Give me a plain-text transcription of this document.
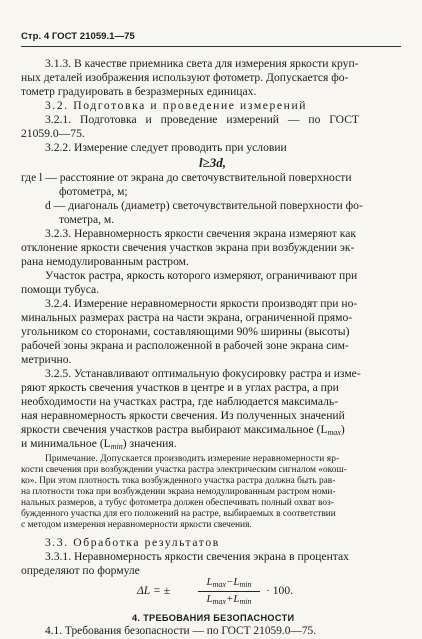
Стр. 4 ГОСТ 21059.1—75
3.1.3. В качестве приемника света для измерения яркости круп-
ных деталей изображения используют фотометр. Допускается фо-
тометр градуировать в безразмерных единицах.
3.2. Подготовка и проведение измерений
3.2.1. Подготовка и проведение измерений — по ГОСТ
21059.0—75.
3.2.2. Измерение следует проводить при условии
l≥3d,
где l — расстояние от экрана до светочувствительной поверхности
фотометра, м;
d — диагональ (диаметр) светочувствительной поверхности фо-
тометра, м.
3.2.3. Неравномерность яркости свечения экрана измеряют как
отклонение яркости свечения участков экрана при возбуждении эк-
рана немодулированным растром.
Участок растра, яркость которого измеряют, ограничивают при
помощи тубуса.
3.2.4. Измерение неравномерности яркости производят при но-
минальных размерах растра на части экрана, ограниченной прямо-
угольником со сторонами, составляющими 90% ширины (высоты)
рабочей зоны экрана и расположенной в рабочей зоне экрана сим-
метрично.
3.2.5. Устанавливают оптимальную фокусировку растра и изме-
ряют яркость свечения участков в центре и в углах растра, а при
необходимости на участках растра, где наблюдается максималь-
ная неравномерность яркости свечения. Из полученных значений
яркости свечения участков растра выбирают максимальное $(L_{max})$
и минимальное $(L_{min})$ значения.
Примечание. Допускается производить измерение неравномерности яр-
кости свечения при возбуждении участка растра электрическим сигналом «окош-
ко». При этом плотность тока возбужденного участка растра должна быть рав-
на плотности тока при возбуждении экрана немодулированным растром номи-
нальных размеров, а тубус фотометра должен обеспечивать полный охват воз-
бужденного участка для его положений на растре, выбираемых в соответствии
с методом измерения неравномерности яркости свечения.
3.3. Обработка результатов
3.3.1. Неравномерность яркости свечения экрана в процентах
определяют по формуле
ΔL = ±
$L_{max}-L_{min}$
$L_{max}+L_{min}$
· 100.
4. ТРЕБОВАНИЯ БЕЗОПАСНОСТИ
4.1. Требования безопасности — по ГОСТ 21059.0—75.
